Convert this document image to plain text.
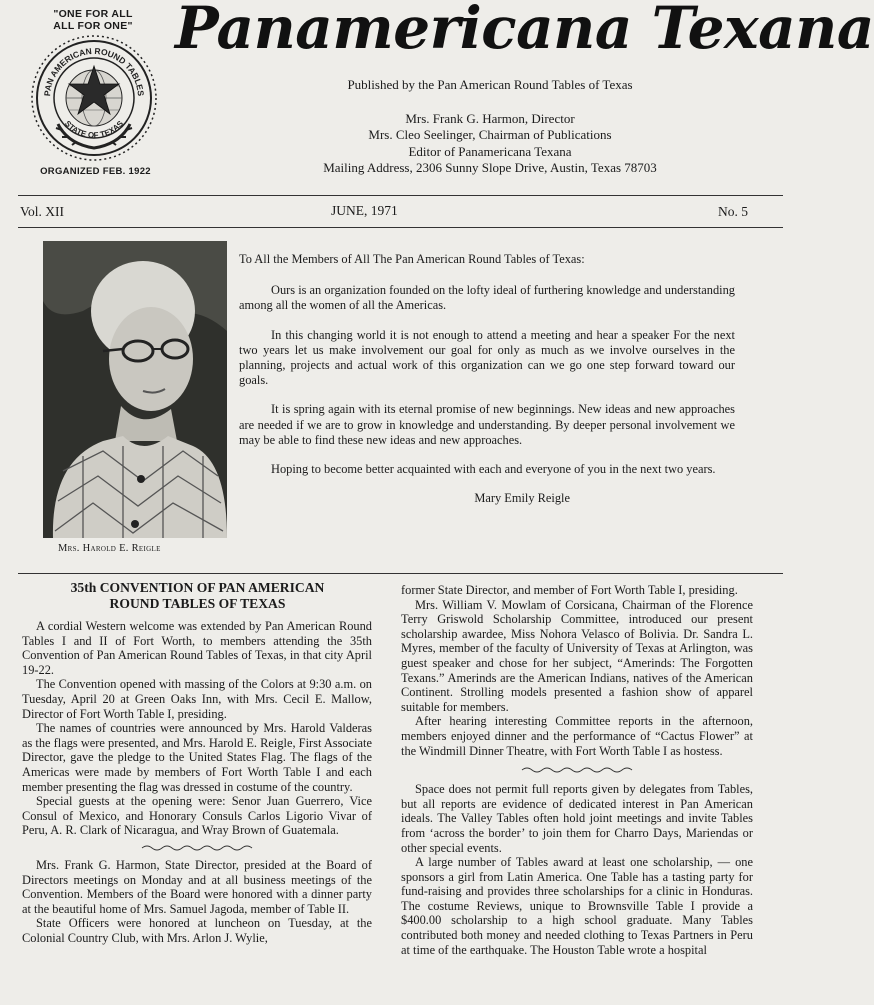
"ONE FOR ALL
ALL FOR ONE"
PAN AMERICAN ROUND TABLES
STATE OF TEXAS
ORGANIZED FEB. 1922
Panamericana Texana
Published by the Pan American Round Tables of Texas
Mrs. Frank G. Harmon, Director
Mrs. Cleo Seelinger, Chairman of Publications
Editor of Panamericana Texana
Mailing Address, 2306 Sunny Slope Drive, Austin, Texas 78703
Vol. XII	JUNE, 1971	No. 5
Mrs. Harold E. Reigle

To All the Members of All The Pan American Round Tables of Texas:

Ours is an organization founded on the lofty ideal of furthering knowledge and understanding among all the women of all the Americas.

In this changing world it is not enough to attend a meeting and hear a speaker For the next two years let us make involvement our goal for only as much as we involve ourselves in the planning, projects and actual work of this organization can we go one step forward toward our goals.

It is spring again with its eternal promise of new beginnings. New ideas and new approaches are needed if we are to grow in knowledge and understanding. By deeper personal involvement we may be able to find these new ideas and new approaches.

Hoping to become better acquainted with each and everyone of you in the next two years.

Mary Emily Reigle

35th CONVENTION OF PAN AMERICAN
ROUND TABLES OF TEXAS

A cordial Western welcome was extended by Pan American Round Tables I and II of Fort Worth, to members attending the 35th Convention of Pan American Round Tables of Texas, in that city April 19-22.

The Convention opened with massing of the Colors at 9:30 a.m. on Tuesday, April 20 at Green Oaks Inn, with Mrs. Cecil E. Mallow, Director of Fort Worth Table I, presiding.

The names of countries were announced by Mrs. Harold Valderas as the flags were presented, and Mrs. Harold E. Reigle, First Associate Director, gave the pledge to the United States Flag. The flags of the Americas were made by members of Fort Worth Table I and each member presenting the flag was dressed in costume of the country.

Special guests at the opening were: Senor Juan Guerrero, Vice Consul of Mexico, and Honorary Consuls Carlos Ligorio Vivar of Peru, A. R. Clark of Nicaragua, and Wray Brown of Guatemala.

Mrs. Frank G. Harmon, State Director, presided at the Board of Directors meetings on Monday and at all business meetings of the Convention. Members of the Board were honored with a dinner party at the beautiful home of Mrs. Samuel Jagoda, member of Table II.

State Officers were honored at luncheon on Tuesday, at the Colonial Country Club, with Mrs. Arlon J. Wylie,

former State Director, and member of Fort Worth Table I, presiding.

Mrs. William V. Mowlam of Corsicana, Chairman of the Florence Terry Griswold Scholarship Committee, introduced our present scholarship awardee, Miss Nohora Velasco of Bolivia. Dr. Sandra L. Myres, member of the faculty of University of Texas at Arlington, was guest speaker and chose for her subject, “Amerinds: The Forgotten Texans.” Amerinds are the American Indians, natives of the American Continent. Strolling models presented a fashion show of apparel suitable for members.

After hearing interesting Committee reports in the afternoon, members enjoyed dinner and the performance of “Cactus Flower” at the Windmill Dinner Theatre, with Fort Worth Table I as hostess.

Space does not permit full reports given by delegates from Tables, but all reports are evidence of dedicated interest in Pan American ideals. The Valley Tables often hold joint meetings and invite Tables from ‘across the border’ to join them for Charro Days, Mariendas or other special events.

A large number of Tables award at least one scholarship, — one sponsors a girl from Latin America. One Table has a tasting party for fund-raising and provides three scholarships for a clinic in Honduras. The costume Reviews, unique to Brownsville Table I provide a $400.00 scholarship to a high school graduate. Many Tables contributed both money and needed clothing to Texas Partners in Peru at time of the earthquake. The Houston Table wrote a hospital
